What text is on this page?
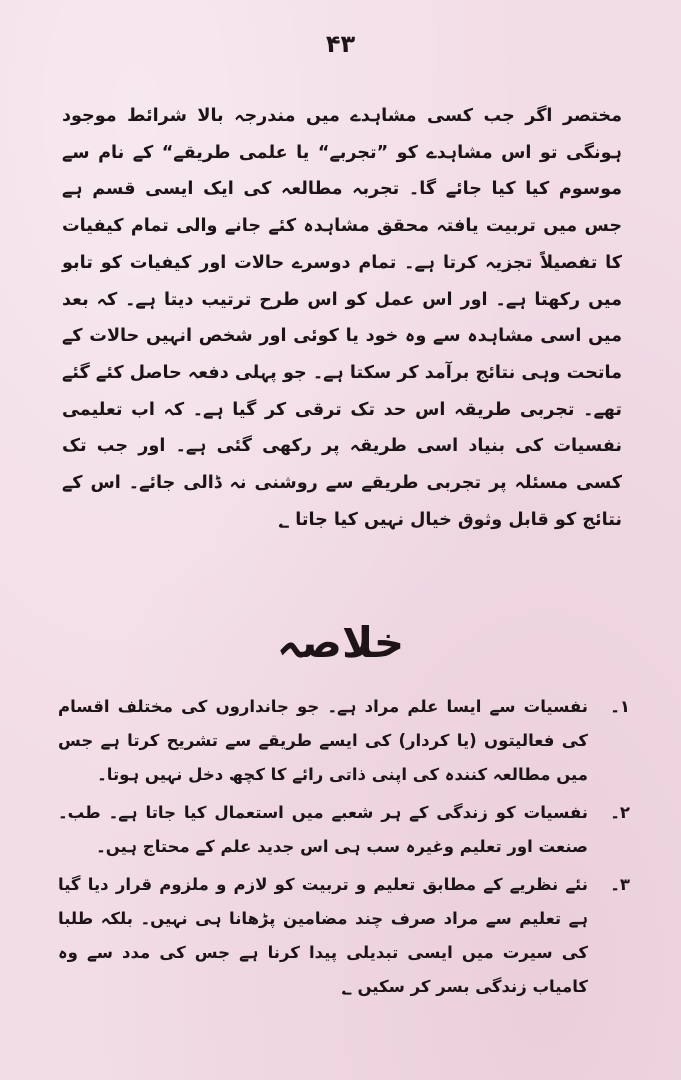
۴۳

مختصر اگر جب کسی مشاہدے میں مندرجہ بالا شرائط موجود ہونگی تو اس مشاہدے کو ”تجربے“ یا علمی طریقے“ کے نام سے موسوم کیا کیا جائے گا۔ تجربہ مطالعہ کی ایک ایسی قسم ہے جس میں تربیت یافتہ محقق مشاہدہ کئے جانے والی تمام کیفیات کا تفصیلاً تجزیہ کرتا ہے۔ تمام دوسرے حالات اور کیفیات کو تابو میں رکھتا ہے۔ اور اس عمل کو اس طرح ترتیب دیتا ہے۔ کہ بعد میں اسی مشاہدہ سے وہ خود یا کوئی اور شخص انہیں حالات کے ماتحت وہی نتائج برآمد کر سکتا ہے۔ جو پہلی دفعہ حاصل کئے گئے تھے۔ تجربی طریقہ اس حد تک ترقی کر گیا ہے۔ کہ اب تعلیمی نفسیات کی بنیاد اسی طریقہ پر رکھی گئی ہے۔ اور جب تک کسی مسئلہ پر تجربی طریقے سے روشنی نہ ڈالی جائے۔ اس کے نتائج کو قابل وثوق خیال نہیں کیا جاتا ؂

خلاصہ
۱۔
نفسیات سے ایسا علم مراد ہے۔ جو جانداروں کی مختلف اقسام کی فعالیتوں (یا کردار) کی ایسے طریقے سے تشریح کرتا ہے جس میں مطالعہ کنندہ کی اپنی ذاتی رائے کا کچھ دخل نہیں ہوتا۔
۲۔
نفسیات کو زندگی کے ہر شعبے میں استعمال کیا جاتا ہے۔ طب۔ صنعت اور تعلیم وغیرہ سب ہی اس جدید علم کے محتاج ہیں۔
۳۔
نئے نظریے کے مطابق تعلیم و تربیت کو لازم و ملزوم قرار دیا گیا ہے تعلیم سے مراد صرف چند مضامین پڑھانا ہی نہیں۔ بلکہ طلبا کی سیرت میں ایسی تبدیلی پیدا کرنا ہے جس کی مدد سے وہ کامیاب زندگی بسر کر سکیں ؂
